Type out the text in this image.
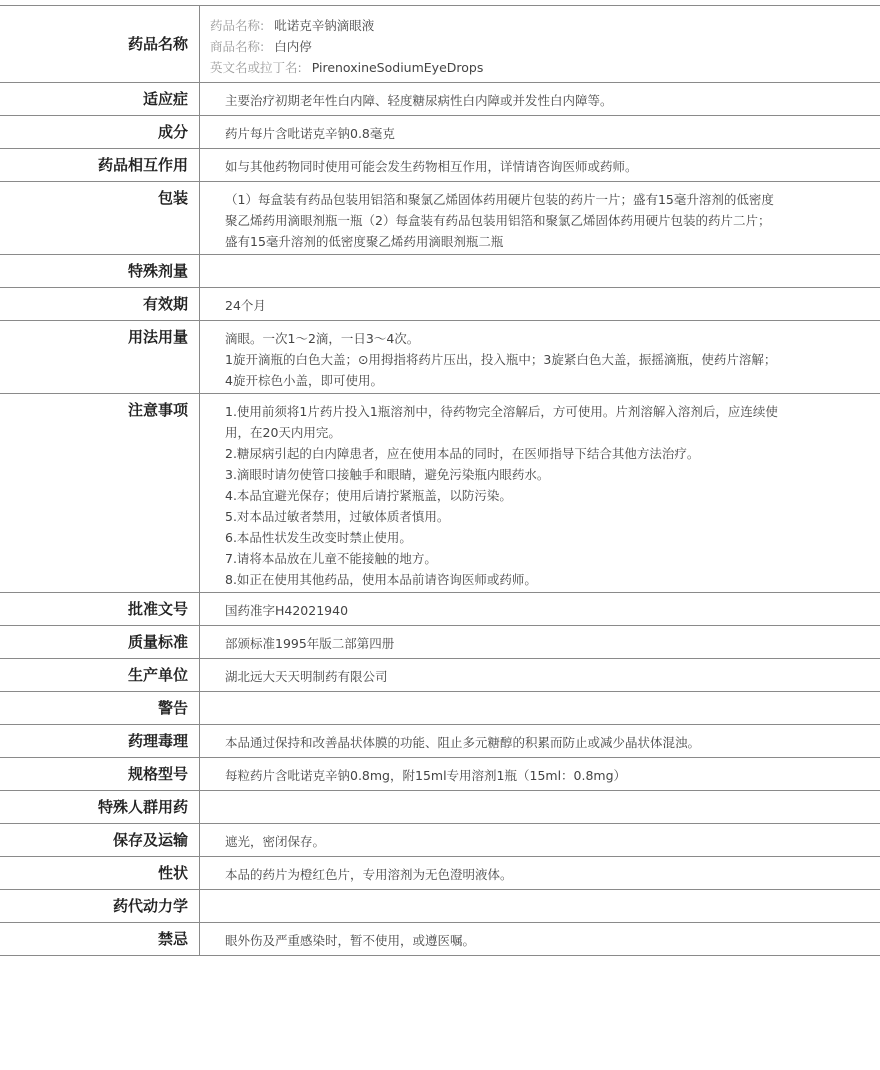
药品名称
药品名称: 吡诺克辛钠滴眼液
商品名称: 白内停
英文名或拉丁名: PirenoxineSodiumEyeDrops
适应症	主要治疗初期老年性白内障、轻度糖尿病性白内障或并发性白内障等。
成分	药片每片含吡诺克辛钠0.8毫克
药品相互作用	如与其他药物同时使用可能会发生药物相互作用，详情请咨询医师或药师。
包装	（1）每盒装有药品包装用铝箔和聚氯乙烯固体药用硬片包装的药片一片；盛有15毫升溶剂的低密度聚乙烯药用滴眼剂瓶一瓶（2）每盒装有药品包装用铝箔和聚氯乙烯固体药用硬片包装的药片二片；盛有15毫升溶剂的低密度聚乙烯药用滴眼剂瓶二瓶
特殊剂量
有效期	24个月
用法用量	滴眼。一次1～2滴，一日3～4次。
1旋开滴瓶的白色大盖；⊙用拇指将药片压出，投入瓶中；3旋紧白色大盖，振摇滴瓶，使药片溶解；4旋开棕色小盖，即可使用。
注意事项	1.使用前须将1片药片投入1瓶溶剂中，待药物完全溶解后，方可使用。片剂溶解入溶剂后，应连续使用，在20天内用完。
2.糖尿病引起的白内障患者，应在使用本品的同时，在医师指导下结合其他方法治疗。
3.滴眼时请勿使管口接触手和眼睛，避免污染瓶内眼药水。
4.本品宜避光保存；使用后请拧紧瓶盖，以防污染。
5.对本品过敏者禁用，过敏体质者慎用。
6.本品性状发生改变时禁止使用。
7.请将本品放在儿童不能接触的地方。
8.如正在使用其他药品，使用本品前请咨询医师或药师。
批准文号	国药准字H42021940
质量标准	部颁标准1995年版二部第四册
生产单位	湖北远大天天明制药有限公司
警告
药理毒理	本品通过保持和改善晶状体膜的功能、阻止多元糖醇的积累而防止或减少晶状体混浊。
规格型号	每粒药片含吡诺克辛钠0.8mg，附15ml专用溶剂1瓶（15ml：0.8mg）
特殊人群用药
保存及运输	遮光，密闭保存。
性状	本品的药片为橙红色片，专用溶剂为无色澄明液体。
药代动力学
禁忌	眼外伤及严重感染时，暂不使用，或遵医嘱。
